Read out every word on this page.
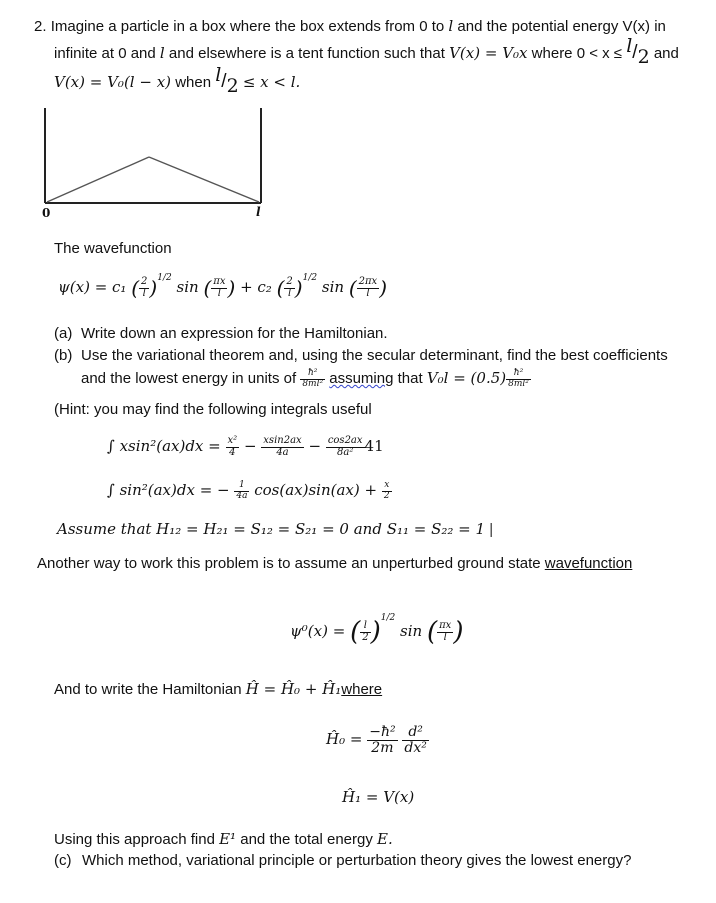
2. Imagine a particle in a box where the box extends from 0 to l and the potential energy V(x) in
infinite at 0 and l and elsewhere is a tent function such that V(x) = V₀x where 0 < x ≤ l/2 and
V(x) = V₀(l − x) when l/2 ≤ x < l.
0	l
The wavefunction
ψ(x) = c₁ ( $\frac{2}{l} )^{1/2}$ sin ( $\frac{\pi x}{l}$ ) + c₂ ( $\frac{2}{l} )^{1/2}$ sin ( $\frac{2\pi x}{l}$ )
(a) Write down an expression for the Hamiltonian.
(b) Use the variational theorem and, using the secular determinant, find the best coefficients
and the lowest energy in units of $\frac{\text{ħ²}}{\text{8ml²}}$ assuming that $V_0l = (0.5) \frac{\text{ħ²}}{\text{8ml²}}$
(Hint: you may find the following integrals useful
∫ $xsin^2(ax)dx = \frac{\text{x²}}{4} - \frac{xsin2ax}{4a} - \frac{\cos 2ax}{\text{8a²}} 41$
∫ sin²(ax)dx = − $\frac{1}{4a} \cos(ax)\sin(ax) + \frac{x}{2}$
Assume that H₁₂ = H₂₁ = S₁₂ = S₂₁ = 0 and S₁₁ = S₂₂ = 1 |
Another way to work this problem is to assume an unperturbed ground state wavefunction
ψ⁰(x) = ( $\frac{l}{2} )^{1/2}$ sin ( $\frac{\pi x}{l}$ )
And to write the Hamiltonian Ĥ = Ĥ₀ + Ĥ₁where
Ĥ₀ = $\frac{\text{−ħ²}}{2m}$
$\frac{\text{d²}}{\text{dx²}}$
Ĥ₁ = V(x)
Using this approach find E¹ and the total energy E.
(c) Which method, variational principle or perturbation theory gives the lowest energy?
